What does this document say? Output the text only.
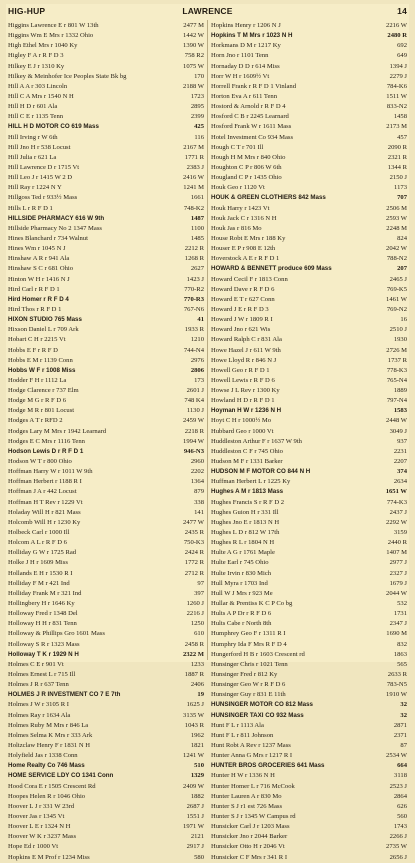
HIG-HUP	LAWRENCE	14
Higgins Lawrence E r 801 W 13th	2477 M
Higgins Wm E Mrs r 1332 Ohio	1442 W
High Ethel Mrs r 1040 Ky	1390 W
Higley F A r R F D 3	758 R2
Hilkey E J r 1310 Ky	1075 W
Hilkey & Meinhofer Ice Peoples State Bk bg	170
Hill A A r 303 Lincoln	2188 W
Hill C A Mrs r 1540 N H	1723
Hill H D r 601 Ala	2895
Hill C E r 1135 Tenn	2399
HILL H D MOTOR CO 619 Mass	425
Hill Irving r W 6th	116
Hill Jno H r 538 Locust	2167 M
Hill Julia r 621 La	1771 R
Hill Lawrence D r 1715 Vt	2383 J
Hill Leo J r 1415 W 2 D	2416 W
Hill Ray r 1224 N Y	1241 M
Hillgoss Ted r 933½ Mass	1661
Hills L r R F D 1	748-K2
HILLSIDE PHARMACY 616 W 9th	1487
Hillside Pharmacy No 2 1347 Mass	1100
Hines Blanchard r 734 Walnut	1485
Hines Wm r 1045 N J	2212 R
Hinshaw A R r 941 Ala	1268 R
Hinshaw S C r 681 Ohio	2627
Hinton W H r 1416 N J	1423 J
Hird Carl r R F D 1	770-R2
Hird Homer r R F D 4	770-R3
Hird Thos r R F D 1	767-N6
HIXON STUDIO 765 Mass	41
Hixson Daniel L r 709 Ark	1933 R
Hobart C H r 2215 Vt	1210
Hobbs E F r R F D	744-N4
Hobbs E M r 1139 Conn	2976
Hobbs W F r 1008 Miss	2806
Hodder F H r 1112 La	173
Hodge Clarence r 737 Elm	2601 J
Hodge M G r R F D 6	748 K4
Hodge M R r 801 Locust	1130 J
Hodges A T r RFD 2	2459 W
Hodges Lary M Mrs r 1942 Learnard	2218 R
Hodges E C Mrs r 1116 Tenn	1994 W
Hodson Lewis D r R F D 1	946-N3
Hodson W T r 800 Ohio	2960
Hoffman Harry W r 1011 W 9th	2202
Hoffman Herbert r 1188 R I	1364
Hoffman J A r 442 Locust	879
Hoffman H T Rev r 1229 Vt	338
Holaday Will H r 821 Mass	141
Holcomb Will H r 1230 Ky	2477 W
Holbeck Carl r 1000 Ill	2435 R
Holcom A L r R F D 6	750-K3
Holliday G W r 1725 Rad	2424 R
Holke J H r 1609 Miss	1772 R
Hollands E H r 1530 R I	2712 R
Holliday F M r 421 Ind	97
Holliday Frank M r 321 Ind	397
Hollingbery H r 1646 Ky	1260 J
Holloway Fred r 1348 Del	2216 J
Holloway H H r 831 Tenn	1250
Holloway & Phillips Gro 1601 Mass	610
Holloway S R r 1323 Mass	2458 R
Holloway T K r 1929 N H	2322 M
Holmes C E r 901 Vt	1233
Holmes Ernest L r 715 Ill	1887 R
Holmes J R r 637 Tenn	2406
HOLMES J R INVESTMENT CO 7 E 7th	19
Holmes J W r 3105 R I	1625 J
Holmes Ray r 1634 Ala	3135 W
Holmes Ruby M Mrs r 846 La	1043 R
Holmes Selma K Mrs r 333 Ark	1962
Holtzclaw Henry F r 1831 N H	1821
Holyfield Jas r 1338 Conn	1241 W
Home Realty Co 746 Mass	510
HOME SERVICE LDY CO 1341 Conn	1329
Hood Cora E r 1505 Crescent Rd	2409 W
Hoopes Helen R r 1046 Ohio	1882
Hoover L J r 331 W 23rd	2687 J
Hoover Jas r 1345 Vt	1551 J
Hoover L E r 1324 N H	1971 W
Hoover W K r 3237 Mass	2121
Hope Ed r 1000 Vt	2917 J
Hopkins E M Prof r 1234 Miss	580
Hopkins Henry r 1206 N J	2216 W
Hopkins T M Mrs r 1023 N H	2480 R
Horkmans D M r 1217 Ky	692
Horn Jno r 1101 Tenn	649
Hornaday D D r 614 Miss	1394 J
Horr W H r 1609½ Vt	2279 J
Horrell Frank r R F D 1 Vinland	784-K6
Horton Eva A r 611 Tenn	1511 W
Hostord & Arnold r R F D 4	833-N2
Hosford C B r 2245 Learnard	1458
Hosford Frank W r 1611 Mass	2173 M
Hotel Investment Co 934 Mass	457
Hough C T r 701 Ill	2090 R
Hough H M Mrs r 840 Ohio	2321 R
Houghton C P r 806 W 6th	1344 R
Hougland C P r 1435 Ohio	2150 J
Houk Geo r 1120 Vt	1173
HOUK & GREEN CLOTHIERS 842 Mass	707
Houk Harry r 1423 Vt	2506 M
Houk Jack C r 1316 N H	2593 W
Houk Jas r 816 Mo	2248 M
House Robt E Mrs r 188 Ky	824
Houser E P r 908 E 12th	2042 W
Hoverstock A E r R F D 1	788-N2
HOWARD & BENNETT produce 609 Mass	207
Howard Cecil F r 1813 Conn	2465 J
Howard Dave r R F D 6	769-K5
Howard E T r 627 Conn	1461 W
Howard J E r R F D 3	769-N2
Howard J W r 1809 R I	16
Howard Jno r 621 Wis	2510 J
Howard Ralph C r 831 Ala	1930
Howe Hazel J r 611 W 9th	2726 M
Howe Lloyd R r 846 N J	1737 R
Howell Geo r R F D 1	778-K3
Howell Lewis r R F D 6	765-N4
Howse J L Rev r 1300 Ky	1889
Howland H D r R F D 1	797-N4
Hoyman H W r 1236 N H	1583
Hoyt C H r 1000½ Mo	2448 W
Hubbard Geo r 1000 Vt	3049 J
Huddleston Arthur F r 1637 W 9th	937
Huddleston C F r 745 Ohio	2231
Hudson M F r 1331 Barker	2207
HUDSON M F MOTOR CO 844 N H	374
Huffman Herbert L r 1225 Ky	2634
Hughes A M r 1813 Mass	1651 W
Hughes Francis S r R F D 2	774-K3
Hughes Guion H r 331 Ill	2437 J
Hughes Jno E r 1813 N H	2292 W
Hughes L D r 812 W 17th	3159
Hughes R L r 1804 N H	2440 R
Hulte A G r 1761 Maple	1407 M
Hulte Earl r 745 Ohio	2977 J
Hulte Irvin r 830 Mich	2327 J
Hull Myra r 1703 Ind	1679 J
Hull W J Mrs r 923 Me	2044 W
Hullar & Prentiss K C P Co bg	532
Hults A P Dr r R F D 6	1731
Hults Cabe r North 8th	2347 J
Humphrey Geo F r 1311 R I	1690 M
Humphry Ida F Mrs R F D 4	832
Hungerford H B r 1603 Crescent rd	1863
Hunsinger Chris r 1021 Tenn	565
Hunsinger Fred r 812 Ky	2633 R
Hunsinger Geo W r R F D 6	783-N5
Hunsinger Guy r 831 E 11th	1910 W
HUNSINGER MOTOR CO 812 Mass	32
HUNSINGER TAXI CO 932 Mass	32
Hunt F L r 1113 Ala	2871
Hunt F L r 811 Johnson	2371
Hunt Robt A Rev r 1237 Mass	87
Hunter Anna G Mrs r 1217 R I	2534 W
HUNTER BROS GROCERIES 641 Mass	664
Hunter H W r 1336 N H	3118
Hunter Homer L r 716 McCook	2523 J
Hunter Lauren A r 830 Mo	2864
Hunter S J r1 est 726 Mass	626
Hunter S J r 1345 W Campus rd	560
Hunsicker Carl J r 1203 Mass	1743
Hunsicker Jno r 2044 Barker	2266 J
Hunsicker Otto H r 2046 Vt	2735 W
Hunsicker C F Mrs r 341 R I	2656 J
